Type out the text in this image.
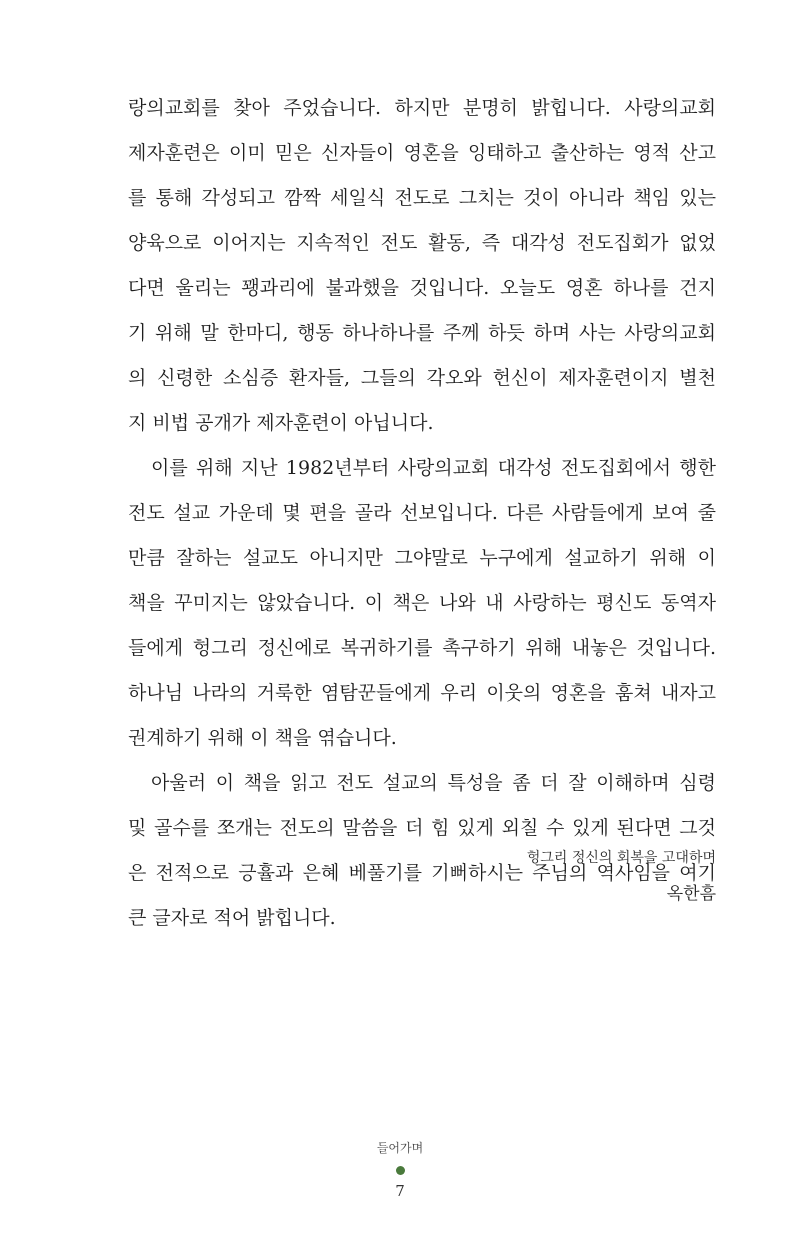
랑의교회를 찾아 주었습니다. 하지만 분명히 밝힙니다. 사랑의교회
제자훈련은 이미 믿은 신자들이 영혼을 잉태하고 출산하는 영적 산고
를 통해 각성되고 깜짝 세일식 전도로 그치는 것이 아니라 책임 있는
양육으로 이어지는 지속적인 전도 활동, 즉 대각성 전도집회가 없었
다면 울리는 꽹과리에 불과했을 것입니다. 오늘도 영혼 하나를 건지
기 위해 말 한마디, 행동 하나하나를 주께 하듯 하며 사는 사랑의교회
의 신령한 소심증 환자들, 그들의 각오와 헌신이 제자훈련이지 별천
지 비법 공개가 제자훈련이 아닙니다.
이를 위해 지난 1982년부터 사랑의교회 대각성 전도집회에서 행한
전도 설교 가운데 몇 편을 골라 선보입니다. 다른 사람들에게 보여 줄
만큼 잘하는 설교도 아니지만 그야말로 누구에게 설교하기 위해 이
책을 꾸미지는 않았습니다. 이 책은 나와 내 사랑하는 평신도 동역자
들에게 헝그리 정신에로 복귀하기를 촉구하기 위해 내놓은 것입니다.
하나님 나라의 거룩한 염탐꾼들에게 우리 이웃의 영혼을 훔쳐 내자고
권계하기 위해 이 책을 엮습니다.
아울러 이 책을 읽고 전도 설교의 특성을 좀 더 잘 이해하며 심령
및 골수를 쪼개는 전도의 말씀을 더 힘 있게 외칠 수 있게 된다면 그것
은 전적으로 긍휼과 은혜 베풀기를 기뻐하시는 주님의 역사임을 여기
큰 글자로 적어 밝힙니다.
헝그리 정신의 회복을 고대하며
옥한흠
들어가며
7
